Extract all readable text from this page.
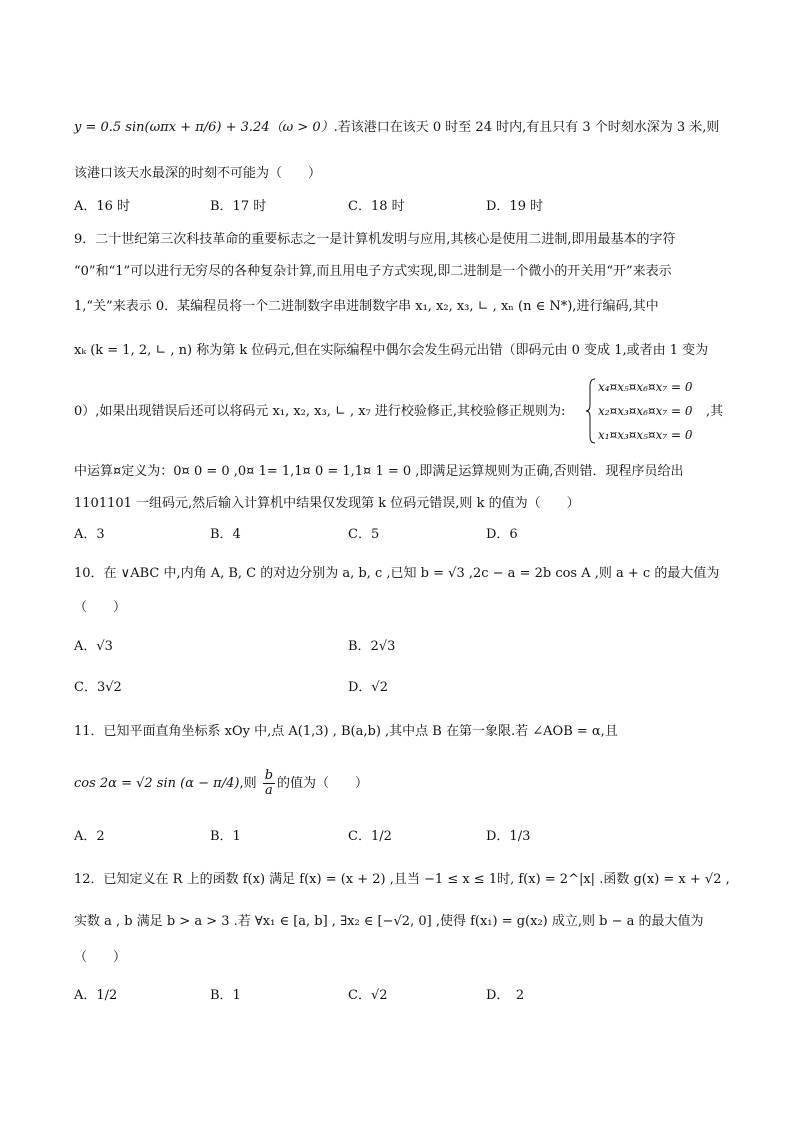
y = 0.5 sin(ωπx + π/6) + 3.24（ω > 0）.若该港口在该天 0 时至 24 时内,有且只有 3 个时刻水深为 3 米,则
该港口该天水最深的时刻不可能为（　　）
A．16 时	B．17 时	C．18 时	D．19 时
9．二十世纪第三次科技革命的重要标志之一是计算机发明与应用,其核心是使用二进制,即用最基本的字符
“0”和“1”可以进行无穷尽的各种复杂计算,而且用电子方式实现,即二进制是一个微小的开关用“开”来表示
1,“关”来表示 0．某编程员将一个二进制数字串进制数字串 x₁, x₂, x₃, ∟ , xₙ (n ∈ N*),进行编码,其中
xₖ (k = 1, 2, ∟ , n) 称为第 k 位码元,但在实际编程中偶尔会发生码元出错（即码元由 0 变成 1,或者由 1 变为
0）,如果出现错误后还可以将码元 x₁, x₂, x₃, ∟ , x₇ 进行校验修正,其校验修正规则为:
x₄¤x₅¤x₆¤x₇ = 0
x₂¤x₃¤x₆¤x₇ = 0
x₁¤x₃¤x₅¤x₇ = 0
,其
中运算¤定义为：0¤ 0 = 0 ,0¤ 1= 1,1¤ 0 = 1,1¤ 1 = 0 ,即满足运算规则为正确,否则错．现程序员给出
1101101 一组码元,然后输入计算机中结果仅发现第 k 位码元错误,则 k 的值为（　　）
A．3	B．4	C．5	D．6
10．在 ∨ABC 中,内角 A, B, C 的对边分别为 a, b, c ,已知 b = √3 ,2c − a = 2b cos A ,则 a + c 的最大值为
（　　）
A．√3	B．2√3
C．3√2	D．√2
11．已知平面直角坐标系 xOy 中,点 A(1,3) , B(a,b) ,其中点 B 在第一象限.若 ∠AOB = α,且
cos 2α = √2 sin (α − π/4),则 $\frac{b}{a}$ 的值为（　　）
A．2	B．1	C．1/2	D．1/3
12．已知定义在 R 上的函数 f(x) 满足 f(x) = (x + 2) ,且当 −1 ≤ x ≤ 1时, f(x) = 2^|x| .函数 g(x) = x + √2 ,
实数 a , b 满足 b > a > 3 .若 ∀x₁ ∈ [a, b] , ∃x₂ ∈ [−√2, 0] ,使得 f(x₁) = g(x₂) 成立,则 b − a 的最大值为
（　　）
A．1/2	B．1	C．√2	D．　2
